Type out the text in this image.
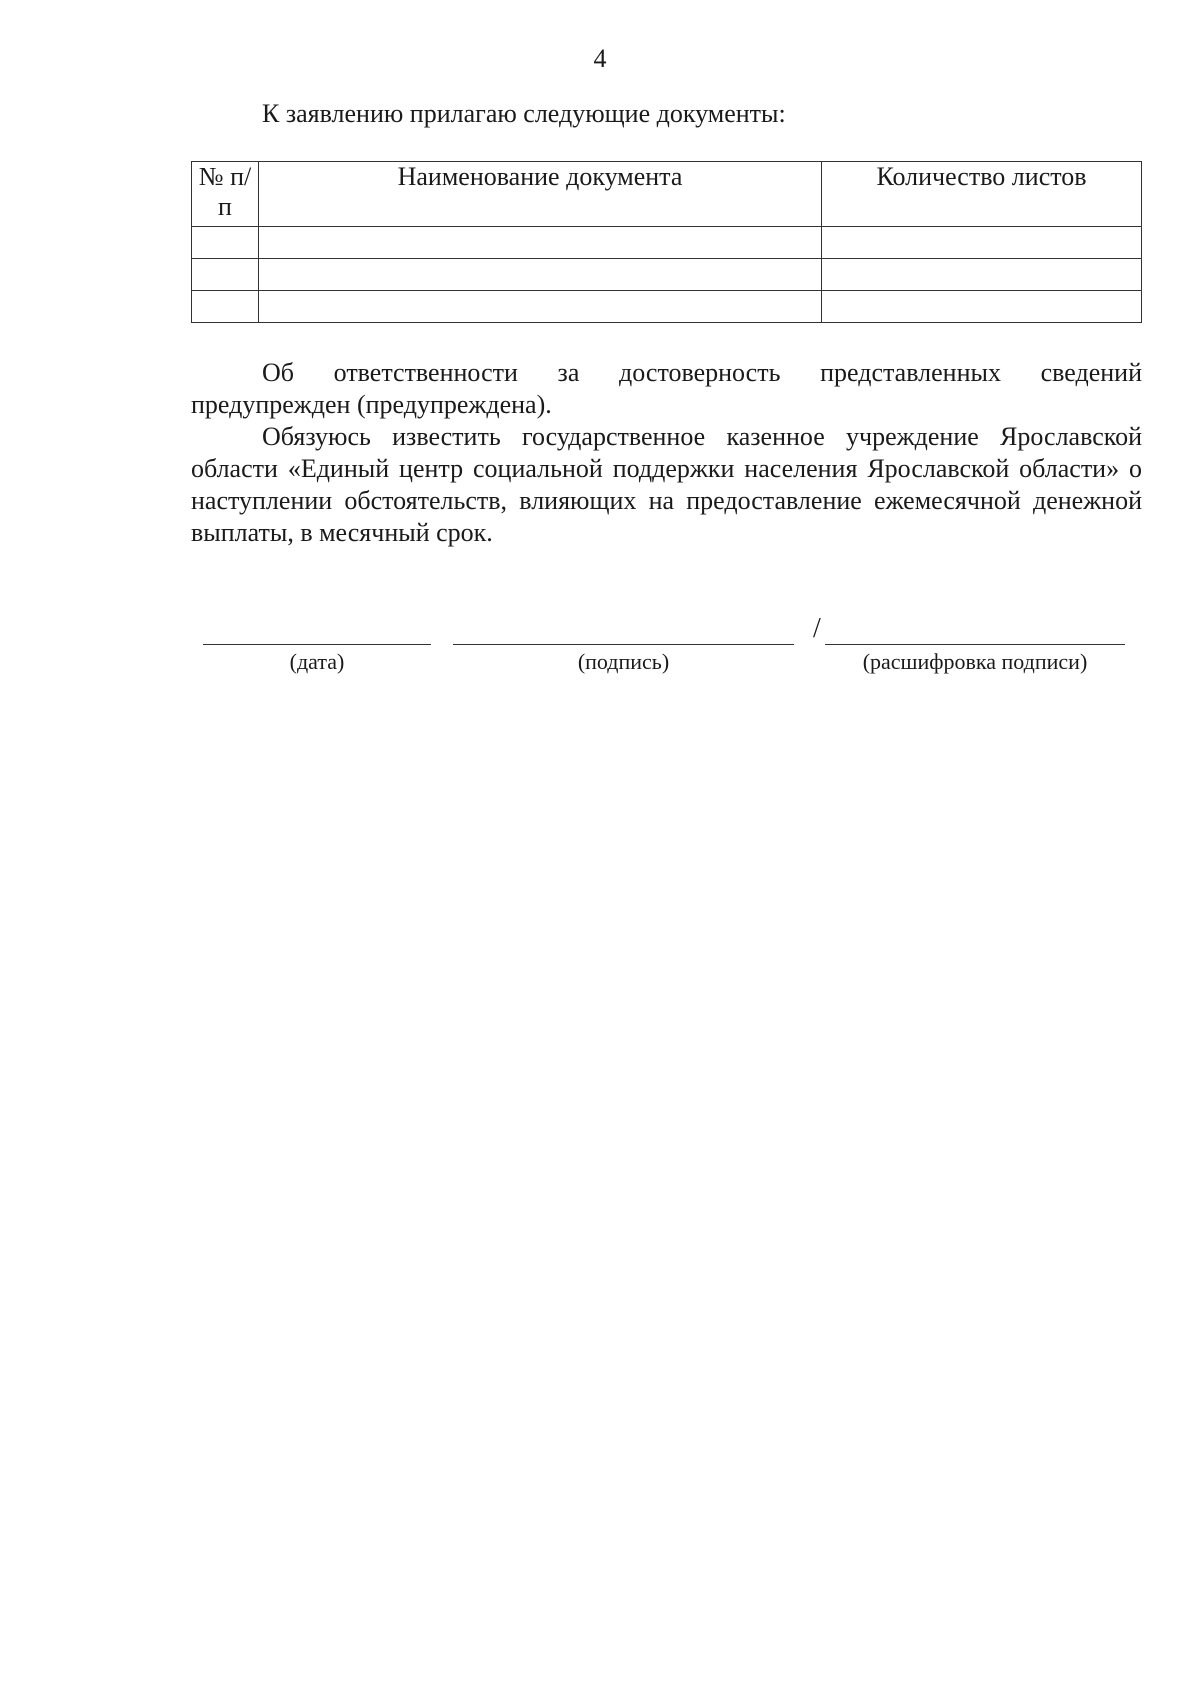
4
К заявлению прилагаю следующие документы:
№ п/п	Наименование документа	Количество листов

Об ответственности за достоверность представленных сведений предупрежден (предупреждена).
Обязуюсь известить государственное казенное учреждение Ярославской области «Единый центр социальной поддержки населения Ярославской области» о наступлении обстоятельств, влияющих на предоставление ежемесячной денежной выплаты, в месячный срок.
/
(дата)	(подпись)	(расшифровка подписи)
